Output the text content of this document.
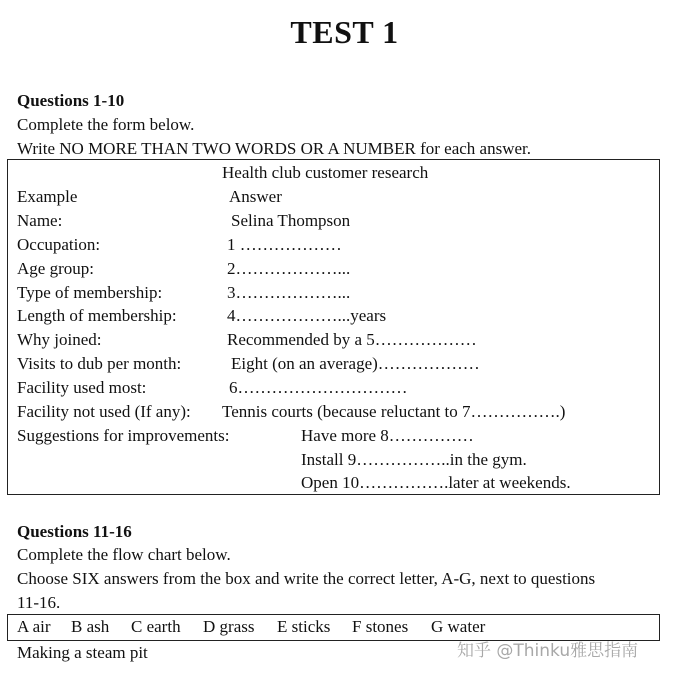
TEST 1
Questions 1-10
Complete the form below.
Write NO MORE THAN TWO WORDS OR A NUMBER for each answer.
Health club customer research
Example	Answer
Name:	Selina Thompson
Occupation:	1 ………………
Age group:	2………………...
Type of membership:	3………………...
Length of membership:	4………………...years
Why joined:	Recommended by a 5………………
Visits to dub per month:	Eight (on an average)………………
Facility used most:	6…………………………
Facility not used (If any): Tennis courts (because reluctant to 7…………….)
Suggestions for improvements:	Have more 8……………
Install 9……………..in the gym.
Open 10…………….later at weekends.
Questions 11-16
Complete the flow chart below.
Choose SIX answers from the box and write the correct letter, A-G, next to questions
11-16.
A air B ash C earth D grass E sticks F stones G water
Making a steam pit	知乎 @Thinku雅思指南
